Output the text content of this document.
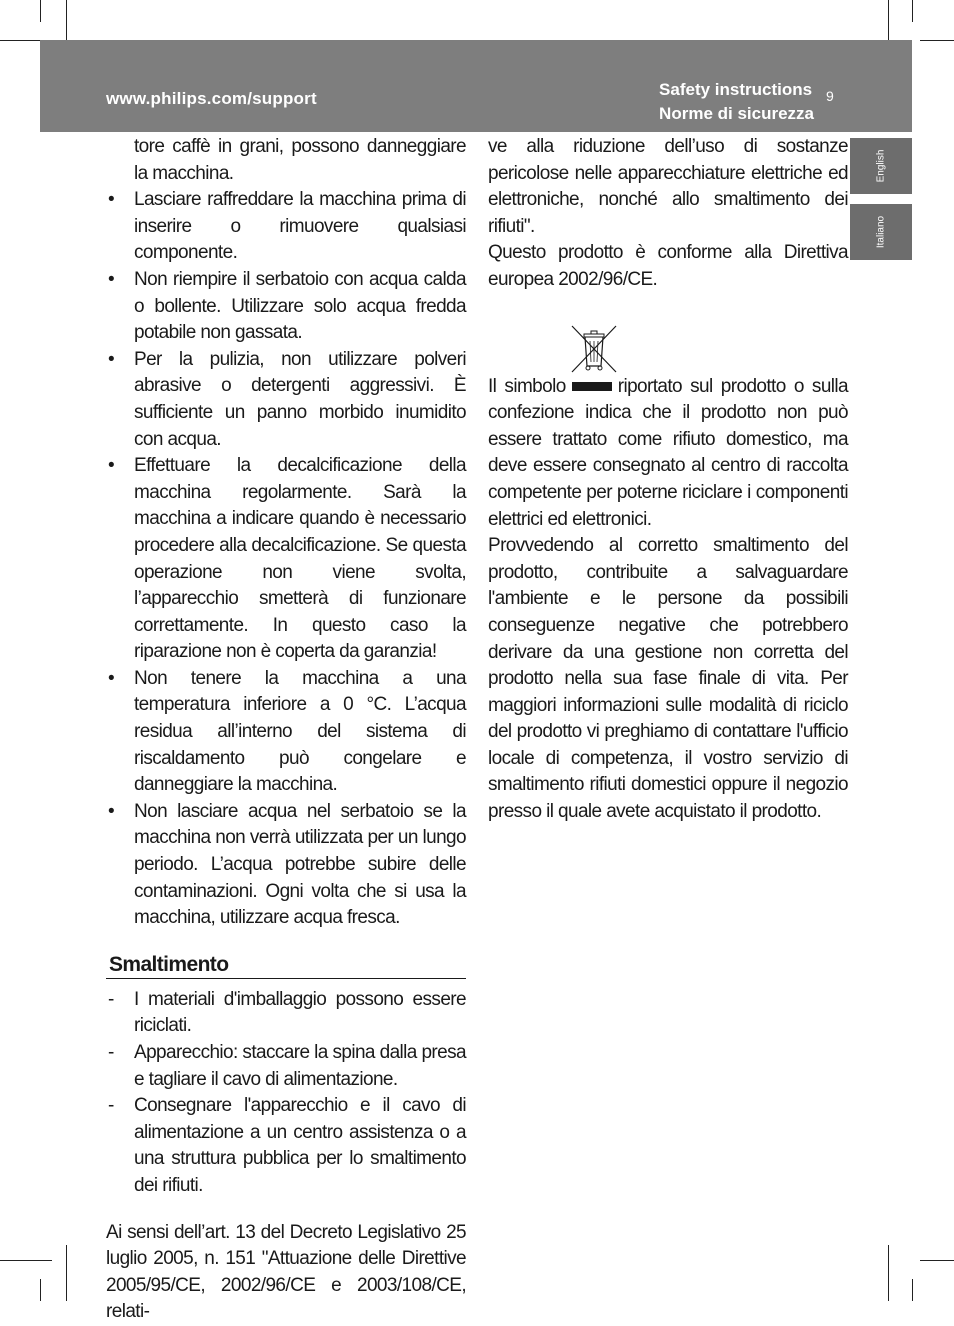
www.philips.com/support	Safety instructions
Norme di sicurezza
9
English
Italiano

tore caffè in grani, possono danneggiare la macchina.

• Lasciare raffreddare la macchina prima di inserire o rimuovere qualsiasi componente.

• Non riempire il serbatoio con acqua calda o bollente. Utilizzare solo acqua fredda potabile non gassata.

• Per la pulizia, non utilizzare polveri abrasive o detergenti aggressivi. È sufficiente un panno morbido inumidito con acqua.

• Effettuare la decalcificazione della macchina regolarmente. Sarà la macchina a indicare quando è necessario procedere alla decalcificazione. Se questa operazione non viene svolta, l’apparecchio smetterà di funzionare correttamente. In questo caso la riparazione non è coperta da garanzia!

• Non tenere la macchina a una temperatura inferiore a 0 °C. L’acqua residua all’interno del sistema di riscaldamento può congelare e danneggiare la macchina.

• Non lasciare acqua nel serbatoio se la macchina non verrà utilizzata per un lungo periodo. L’acqua potrebbe subire delle contaminazioni. Ogni volta che si usa la macchina, utilizzare acqua fresca.

Smaltimento

- I materiali d'imballaggio possono essere riciclati.

- Apparecchio: staccare la spina dalla presa e tagliare il cavo di alimentazione.

- Consegnare l'apparecchio e il cavo di alimentazione a un centro assistenza o a una struttura pubblica per lo smaltimento dei rifiuti.

Ai sensi dell’art. 13 del Decreto Legislativo 25 luglio 2005, n. 151 "Attuazione delle Direttive 2005/95/CE, 2002/96/CE e 2003/108/CE, relati-

ve alla riduzione dell’uso di sostanze pericolose nelle apparecchiature elettriche ed elettroniche, nonché allo smaltimento dei rifiuti".

Questo prodotto è conforme alla Direttiva europea 2002/96/CE.

Il simbolo	riportato sul prodotto o sulla confezione indica che il prodotto non può essere trattato come rifiuto domestico, ma deve essere consegnato al centro di raccolta competente per poterne riciclare i componenti elettrici ed elettronici.

Provvedendo al corretto smaltimento del prodotto, contribuite a salvaguardare l'ambiente e le persone da possibili conseguenze negative che potrebbero derivare da una gestione non corretta del prodotto nella sua fase finale di vita. Per maggiori informazioni sulle modalità di riciclo del prodotto vi preghiamo di contattare l'ufficio locale di competenza, il vostro servizio di smaltimento rifiuti domestici oppure il negozio presso il quale avete acquistato il prodotto.
